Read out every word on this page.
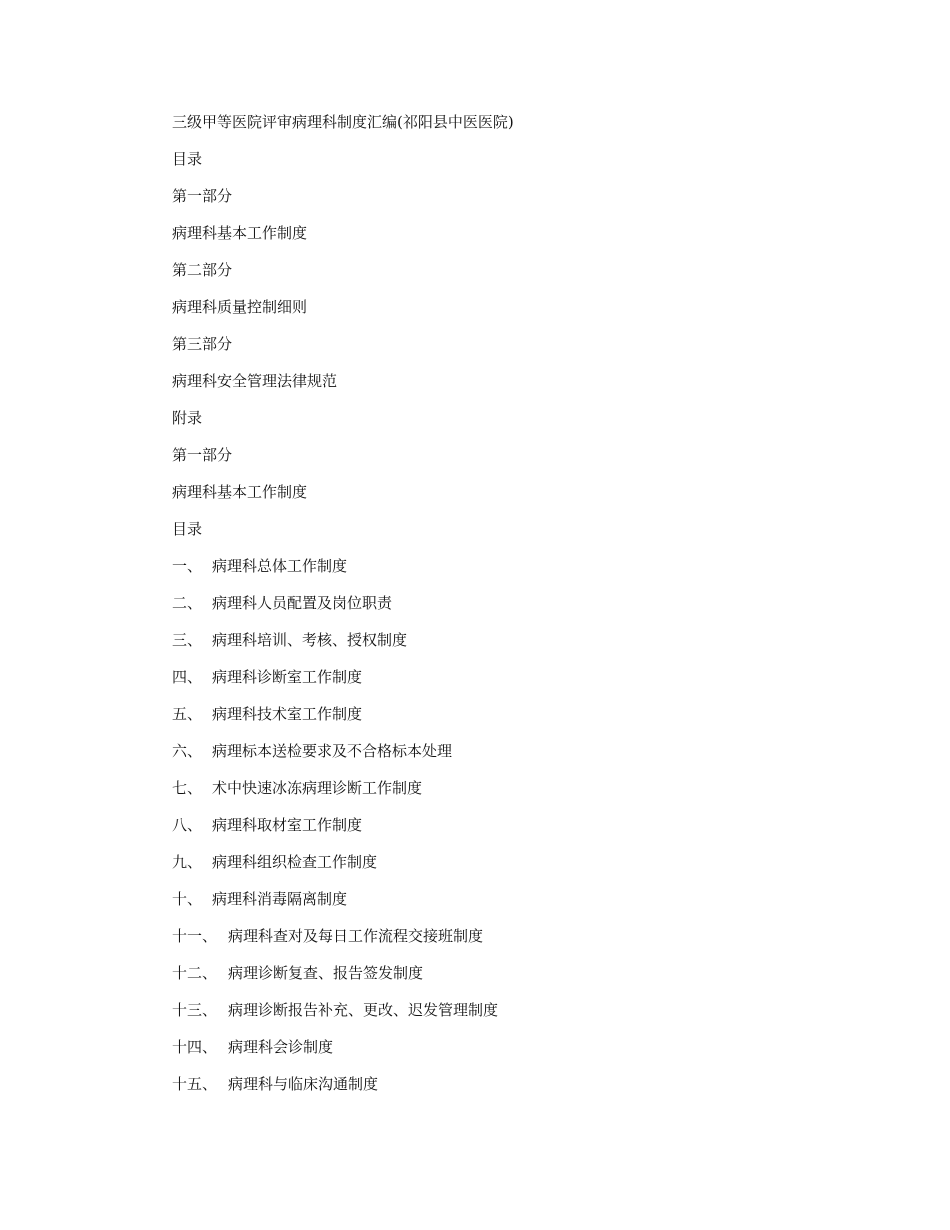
三级甲等医院评审病理科制度汇编(祁阳县中医医院)
目录
第一部分
病理科基本工作制度
第二部分
病理科质量控制细则
第三部分
病理科安全管理法律规范
附录
第一部分
病理科基本工作制度
目录
一、 病理科总体工作制度
二、 病理科人员配置及岗位职责
三、 病理科培训、考核、授权制度
四、 病理科诊断室工作制度
五、 病理科技术室工作制度
六、 病理标本送检要求及不合格标本处理
七、 术中快速冰冻病理诊断工作制度
八、 病理科取材室工作制度
九、 病理科组织检查工作制度
十、 病理科消毒隔离制度
十一、 病理科查对及每日工作流程交接班制度
十二、 病理诊断复查、报告签发制度
十三、 病理诊断报告补充、更改、迟发管理制度
十四、 病理科会诊制度
十五、 病理科与临床沟通制度
